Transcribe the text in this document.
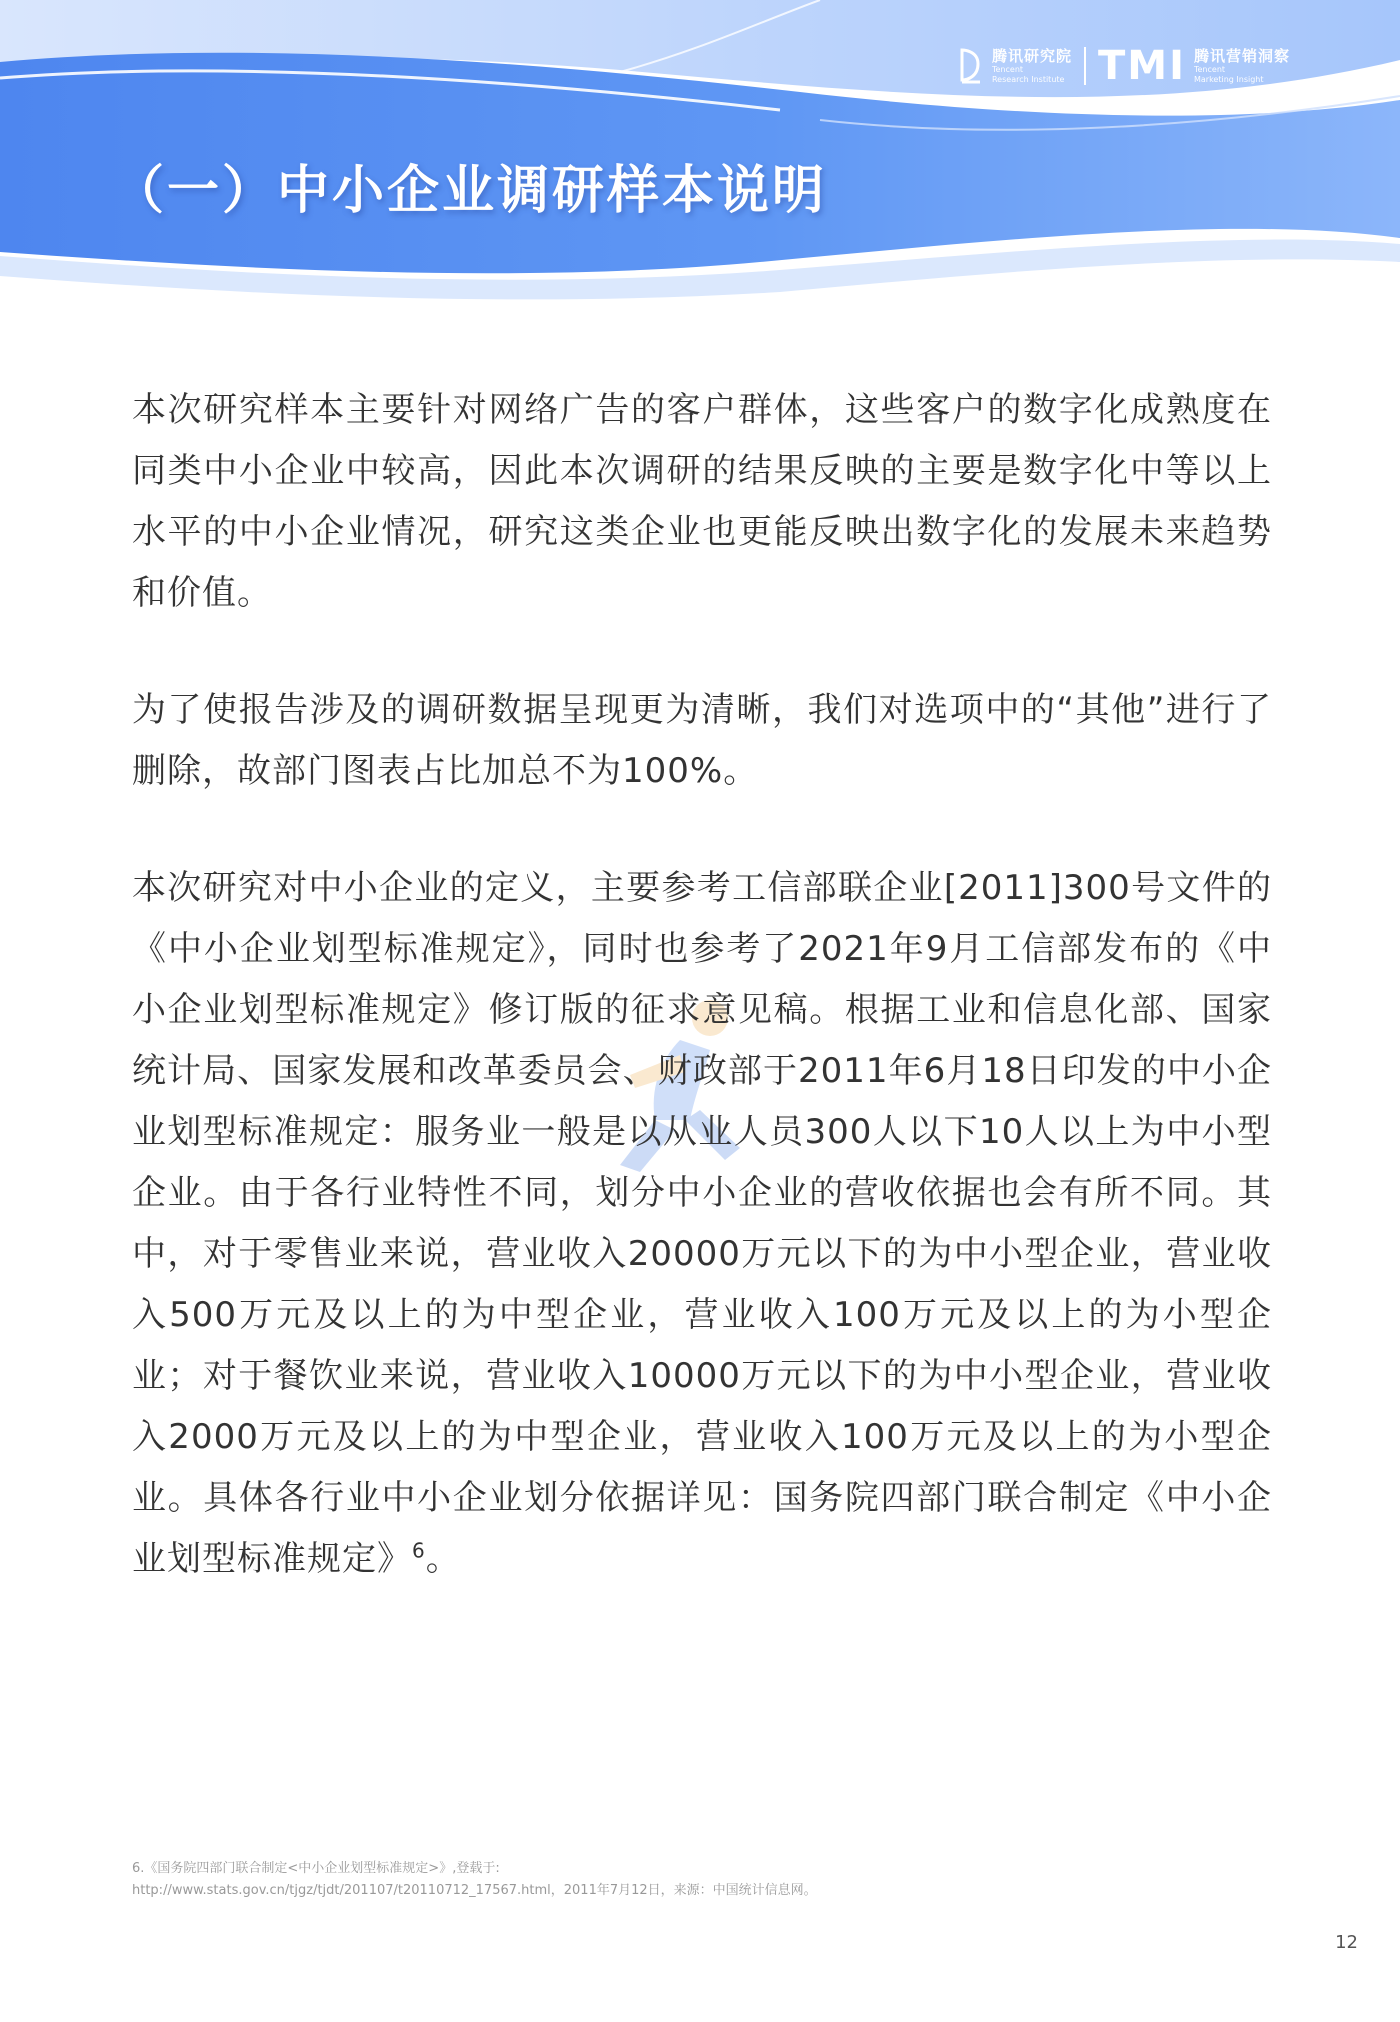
腾讯研究院
Tencent
Research Institute TMI 腾讯营销洞察
Tencent
Marketing Insight
（一）中小企业调研样本说明

本次研究样本主要针对网络广告的客户群体，这些客户的数字化成熟度在同类中小企业中较高，因此本次调研的结果反映的主要是数字化中等以上水平的中小企业情况，研究这类企业也更能反映出数字化的发展未来趋势和价值。

为了使报告涉及的调研数据呈现更为清晰，我们对选项中的“其他”进行了删除，故部门图表占比加总不为100%。

本次研究对中小企业的定义，主要参考工信部联企业[2011]300号文件的《中小企业划型标准规定》，同时也参考了2021年9月工信部发布的《中小企业划型标准规定》修订版的征求意见稿。根据工业和信息化部、国家统计局、国家发展和改革委员会、财政部于2011年6月18日印发的中小企业划型标准规定：服务业一般是以从业人员300人以下10人以上为中小型企业。由于各行业特性不同，划分中小企业的营收依据也会有所不同。其中，对于零售业来说，营业收入20000万元以下的为中小型企业，营业收入500万元及以上的为中型企业，营业收入100万元及以上的为小型企业；对于餐饮业来说，营业收入10000万元以下的为中小型企业，营业收入2000万元及以上的为中型企业，营业收入100万元及以上的为小型企业。具体各行业中小企业划分依据详见：国务院四部门联合制定《中小企业划型标准规定》$^6$。

6.《国务院四部门联合制定<中小企业划型标准规定>》,登载于:
http://www.stats.gov.cn/tjgz/tjdt/201107/t20110712_17567.html，2011年7月12日，来源：中国统计信息网。
12
